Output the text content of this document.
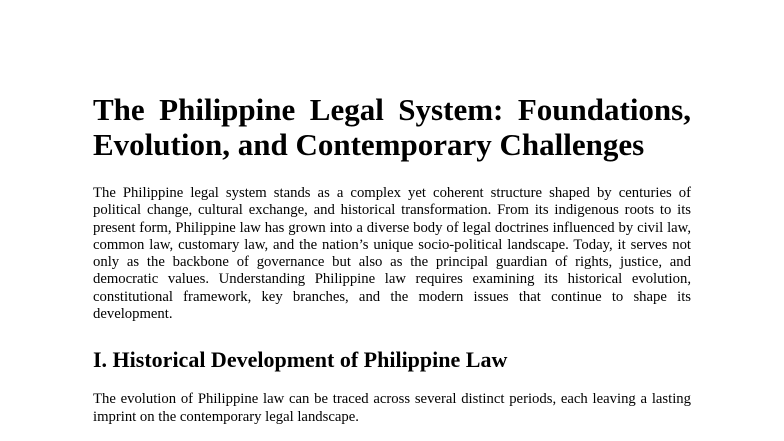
The Philippine Legal System: Foundations, Evolution, and Contemporary Challenges

The Philippine legal system stands as a complex yet coherent structure shaped by centuries of political change, cultural exchange, and historical transformation. From its indigenous roots to its present form, Philippine law has grown into a diverse body of legal doctrines influenced by civil law, common law, customary law, and the nation’s unique socio-political landscape. Today, it serves not only as the backbone of governance but also as the principal guardian of rights, justice, and democratic values. Understanding Philippine law requires examining its historical evolution, constitutional framework, key branches, and the modern issues that continue to shape its development.

I. Historical Development of Philippine Law

The evolution of Philippine law can be traced across several distinct periods, each leaving a lasting imprint on the contemporary legal landscape.
